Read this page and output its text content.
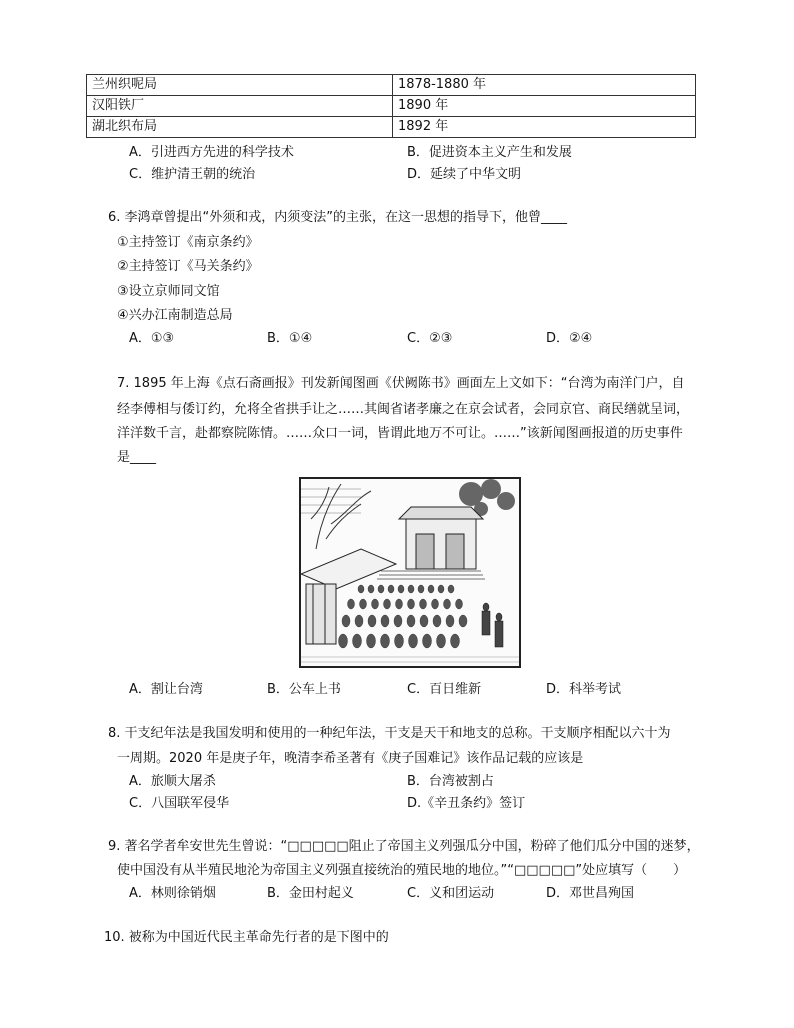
兰州织呢局	1878-1880 年
汉阳铁厂	1890 年
湖北织布局	1892 年
A．引进西方先进的科学技术	B．促进资本主义产生和发展
C．维护清王朝的统治	D．延续了中华文明
6. 李鸿章曾提出“外须和戎，内须变法”的主张，在这一思想的指导下，他曾____
①主持签订《南京条约》
②主持签订《马关条约》
③设立京师同文馆
④兴办江南制造总局
A．①③	B．①④	C．②③	D．②④
7. 1895 年上海《点石斋画报》刊发新闻图画《伏阙陈书》画面左上文如下：“台湾为南洋门户，自
经李傅相与倭订约，允将全省拱手让之……其闽省诸孝廉之在京会试者，会同京官、商民缮就呈词，
洋洋数千言，赴都察院陈情。……众口一词，皆谓此地万不可让。……”该新闻图画报道的历史事件
是____
A．割让台湾	B．公车上书	C．百日维新	D．科举考试
8. 干支纪年法是我国发明和使用的一种纪年法，干支是天干和地支的总称。干支顺序相配以六十为
一周期。2020 年是庚子年，晚清李希圣著有《庚子国难记》该作品记载的应该是
A．旅顺大屠杀	B．台湾被割占
C．八国联军侵华	D.《辛丑条约》签订
9. 著名学者牟安世先生曾说：“□□□□□阻止了帝国主义列强瓜分中国，粉碎了他们瓜分中国的迷梦，
使中国没有从半殖民地沦为帝国主义列强直接统治的殖民地的地位。”“□□□□□”处应填写（　　）
A．林则徐销烟	B．金田村起义	C．义和团运动	D．邓世昌殉国
10. 被称为中国近代民主革命先行者的是下图中的
